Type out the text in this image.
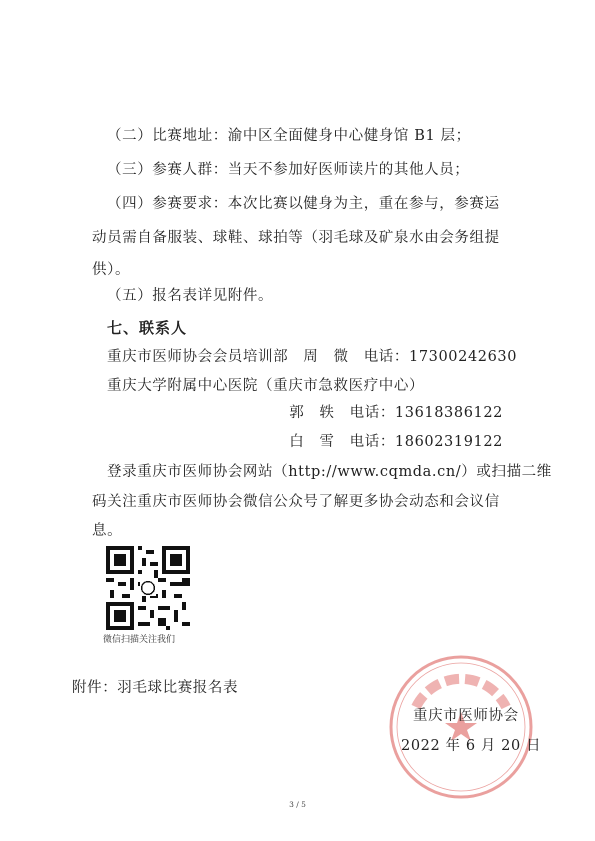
（二）比赛地址：渝中区全面健身中心健身馆 B1 层；
（三）参赛人群：当天不参加好医师读片的其他人员；
（四）参赛要求：本次比赛以健身为主，重在参与，参赛运
动员需自备服装、球鞋、球拍等（羽毛球及矿泉水由会务组提
供）。
（五）报名表详见附件。
七、联系人
重庆市医师协会会员培训部　周　微　电话：17300242630
重庆大学附属中心医院（重庆市急救医疗中心）
郭　轶　电话：13618386122
白　雪　电话：18602319122
登录重庆市医师协会网站（http://www.cqmda.cn/）或扫描二维
码关注重庆市医师协会微信公众号了解更多协会动态和会议信
息。
微信扫描关注我们
附件：羽毛球比赛报名表
重庆市医师协会
2022 年 6 月 20 日
3 / 5
